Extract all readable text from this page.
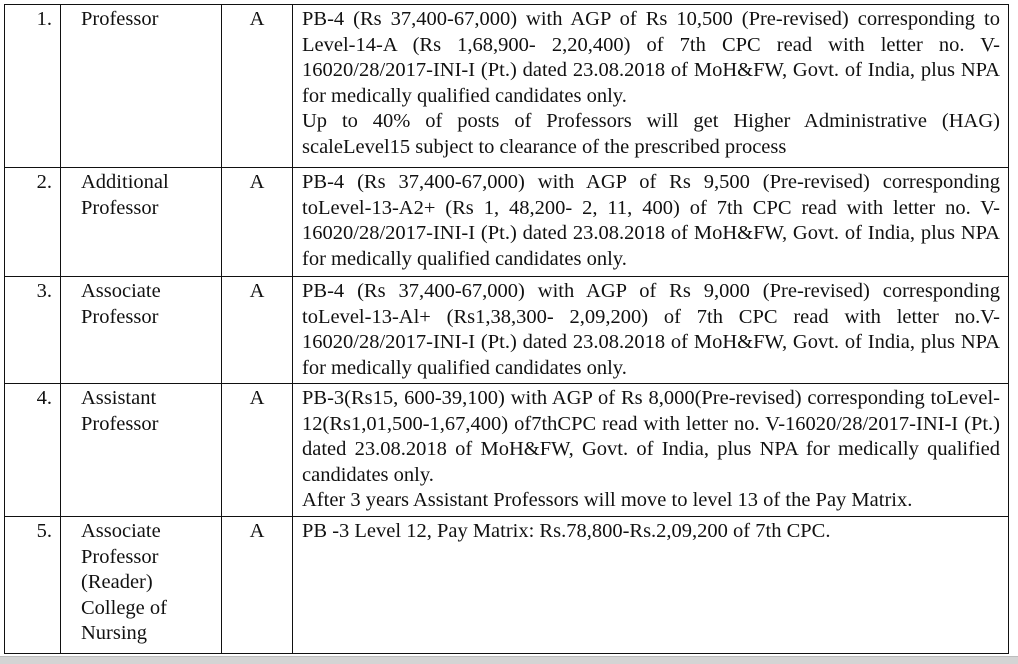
1.	Professor	A	PB-4 (Rs 37,400-67,000) with AGP of Rs 10,500 (Pre-revised) corresponding to Level-14-A (Rs 1,68,900- 2,20,400) of 7th CPC read with letter no. V-16020/28/2017-INI-I (Pt.) dated 23.08.2018 of MoH&FW, Govt. of India, plus NPA for medically qualified candidates only.
Up to 40% of posts of Professors will get Higher Administrative (HAG) scaleLevel15 subject to clearance of the prescribed process

2.	Additional Professor	A	PB-4 (Rs 37,400-67,000) with AGP of Rs 9,500 (Pre-revised) corresponding toLevel-13-A2+ (Rs 1, 48,200- 2, 11, 400) of 7th CPC read with letter no. V-16020/28/2017-INI-I (Pt.) dated 23.08.2018 of MoH&FW, Govt. of India, plus NPA for medically qualified candidates only.
3.	Associate Professor	A	PB-4 (Rs 37,400-67,000) with AGP of Rs 9,000 (Pre-revised) corresponding toLevel-13-Al+ (Rs1,38,300- 2,09,200) of 7th CPC read with letter no.V-16020/28/2017-INI-I (Pt.) dated 23.08.2018 of MoH&FW, Govt. of India, plus NPA for medically qualified candidates only.
4.	Assistant Professor	A	PB-3(Rs15, 600-39,100) with AGP of Rs 8,000(Pre-revised) corresponding toLevel-12(Rs1,01,500-1,67,400) of7thCPC read with letter no. V-16020/28/2017-INI-I (Pt.) dated 23.08.2018 of MoH&FW, Govt. of India, plus NPA for medically qualified candidates only.
After 3 years Assistant Professors will move to level 13 of the Pay Matrix.

5.	Associate Professor (Reader) College of Nursing	A	PB -3 Level 12, Pay Matrix: Rs.78,800-Rs.2,09,200 of 7th CPC.
